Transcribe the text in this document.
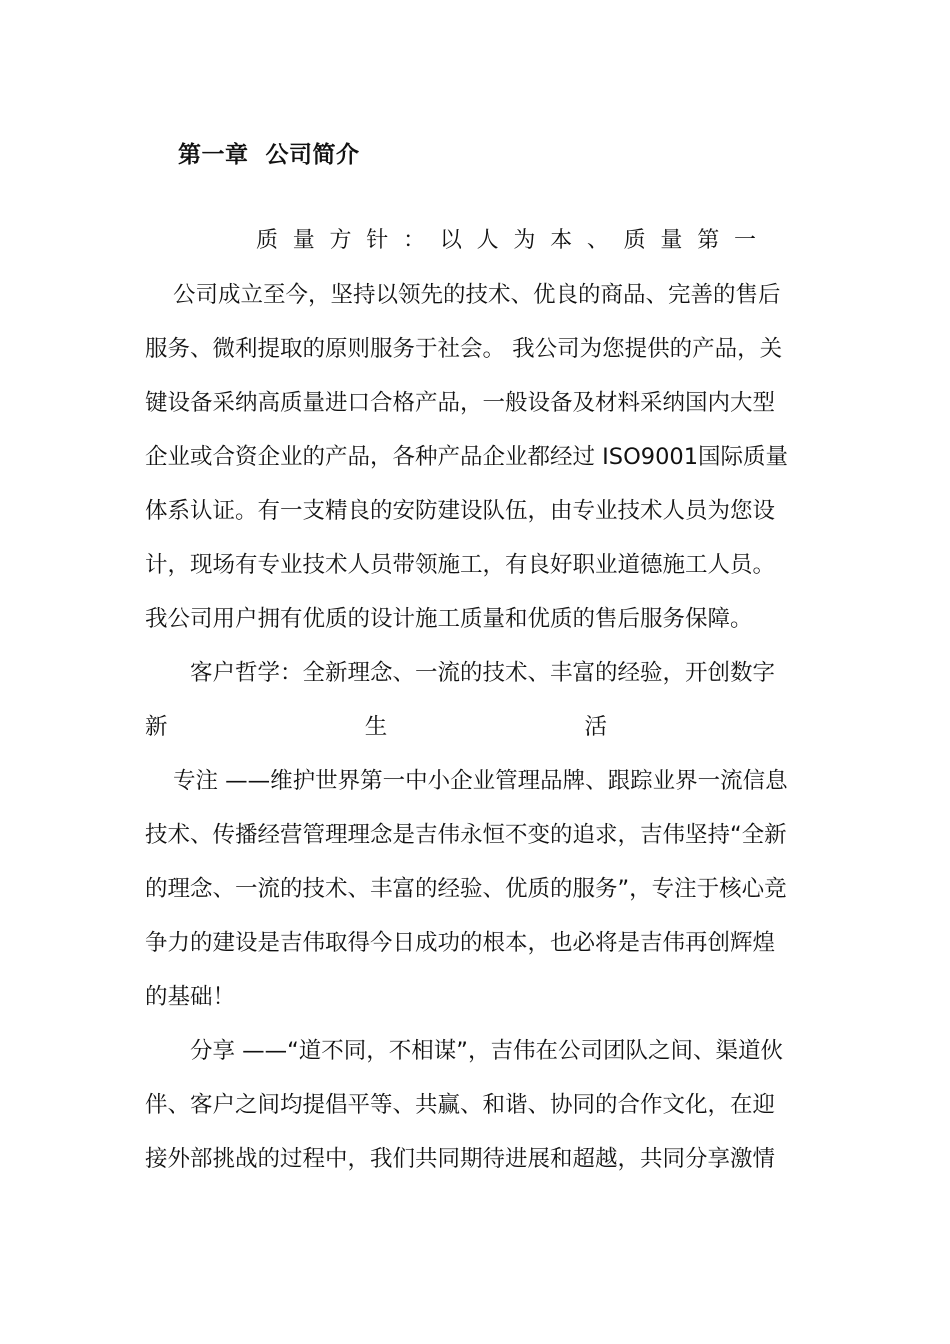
第一章  公司简介
质 量 方 针 ： 以 人 为 本 、 质 量 第 一
公司成立至今，坚持以领先的技术、优良的商品、完善的售后
服务、微利提取的原则服务于社会。 我公司为您提供的产品，关
键设备采纳高质量进口合格产品，一般设备及材料采纳国内大型
企业或合资企业的产品，各种产品企业都经过 ISO9001国际质量
体系认证。有一支精良的安防建设队伍，由专业技术人员为您设
计，现场有专业技术人员带领施工，有良好职业道德施工人员。
我公司用户拥有优质的设计施工质量和优质的售后服务保障。
客户哲学：全新理念、一流的技术、丰富的经验，开创数字
新	生	活
专注 ——维护世界第一中小企业管理品牌、跟踪业界一流信息
技术、传播经营管理理念是吉伟永恒不变的追求，吉伟坚持“全新
的理念、一流的技术、丰富的经验、优质的服务”，专注于核心竞
争力的建设是吉伟取得今日成功的根本，也必将是吉伟再创辉煌
的基础！
分享 ——“道不同，不相谋”，吉伟在公司团队之间、渠道伙
伴、客户之间均提倡平等、共赢、和谐、协同的合作文化，在迎
接外部挑战的过程中，我们共同期待进展和超越，共同分享激情
